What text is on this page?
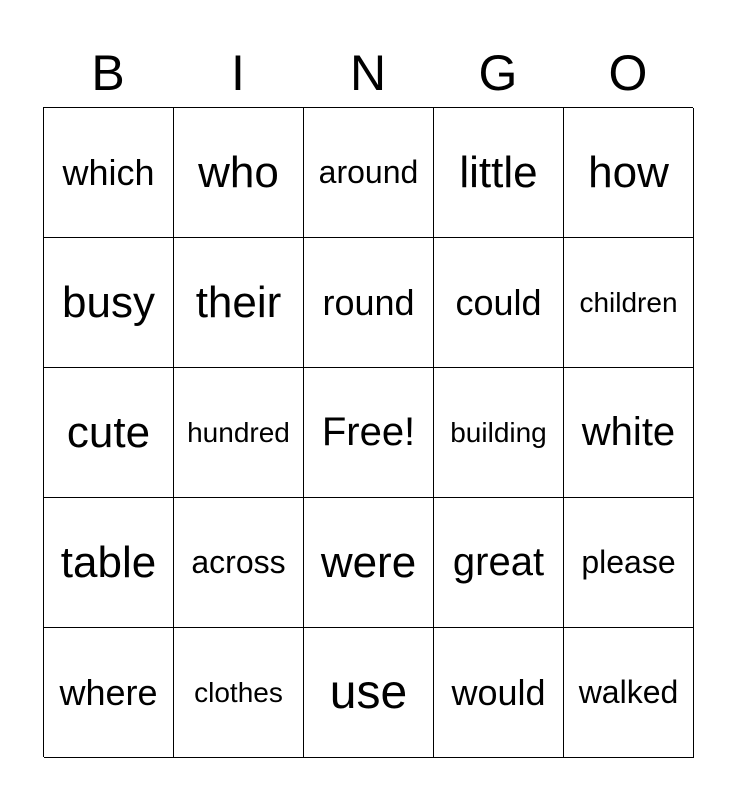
B	I	N	G	O
which who around little how
busy their round could children
cute hundred Free! building white
table across were great please
where clothes use would walked
